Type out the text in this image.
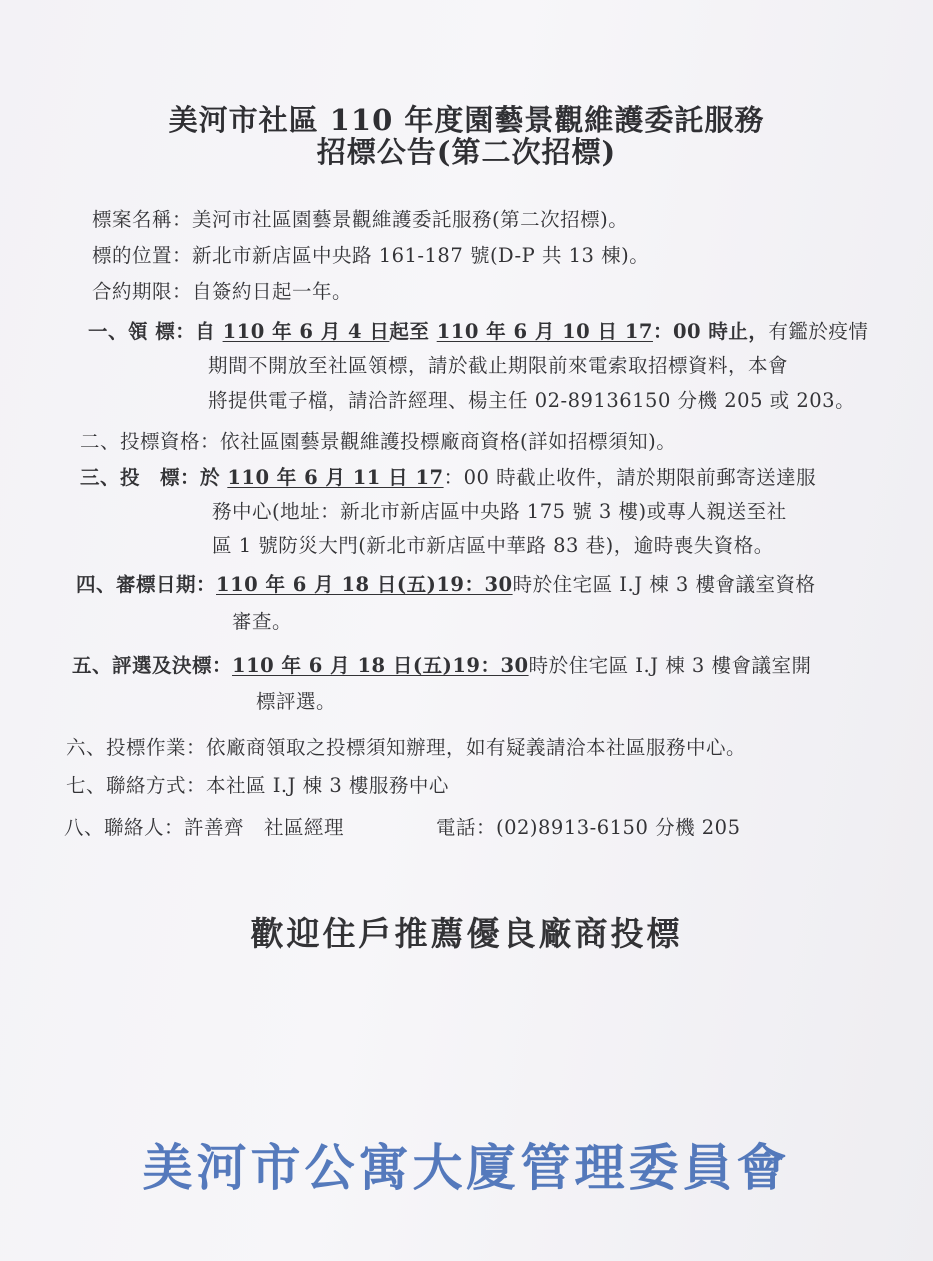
美河市社區 110 年度園藝景觀維護委託服務
招標公告(第二次招標)
標案名稱：美河市社區園藝景觀維護委託服務(第二次招標)。
標的位置：新北市新店區中央路 161-187 號(D-P 共 13 棟)。
合約期限：自簽約日起一年。
一、領 標：自 110 年 6 月 4 日起至 110 年 6 月 10 日 17：00 時止，有鑑於疫情
期間不開放至社區領標，請於截止期限前來電索取招標資料，本會
將提供電子檔，請洽許經理、楊主任 02-89136150 分機 205 或 203。
二、投標資格：依社區園藝景觀維護投標廠商資格(詳如招標須知)。
三、投　標：於 110 年 6 月 11 日 17：00 時截止收件，請於期限前郵寄送達服
務中心(地址：新北市新店區中央路 175 號 3 樓)或專人親送至社
區 1 號防災大門(新北市新店區中華路 83 巷)，逾時喪失資格。
四、審標日期：110 年 6 月 18 日(五)19：30時於住宅區 I.J 棟 3 樓會議室資格
審查。
五、評選及決標：110 年 6 月 18 日(五)19：30時於住宅區 I.J 棟 3 樓會議室開
標評選。
六、投標作業：依廠商領取之投標須知辦理，如有疑義請洽本社區服務中心。
七、聯絡方式：本社區 I.J 棟 3 樓服務中心
八、聯絡人：許善齊　社區經理	電話：(02)8913-6150 分機 205
歡迎住戶推薦優良廠商投標
美河市公寓大廈管理委員會
